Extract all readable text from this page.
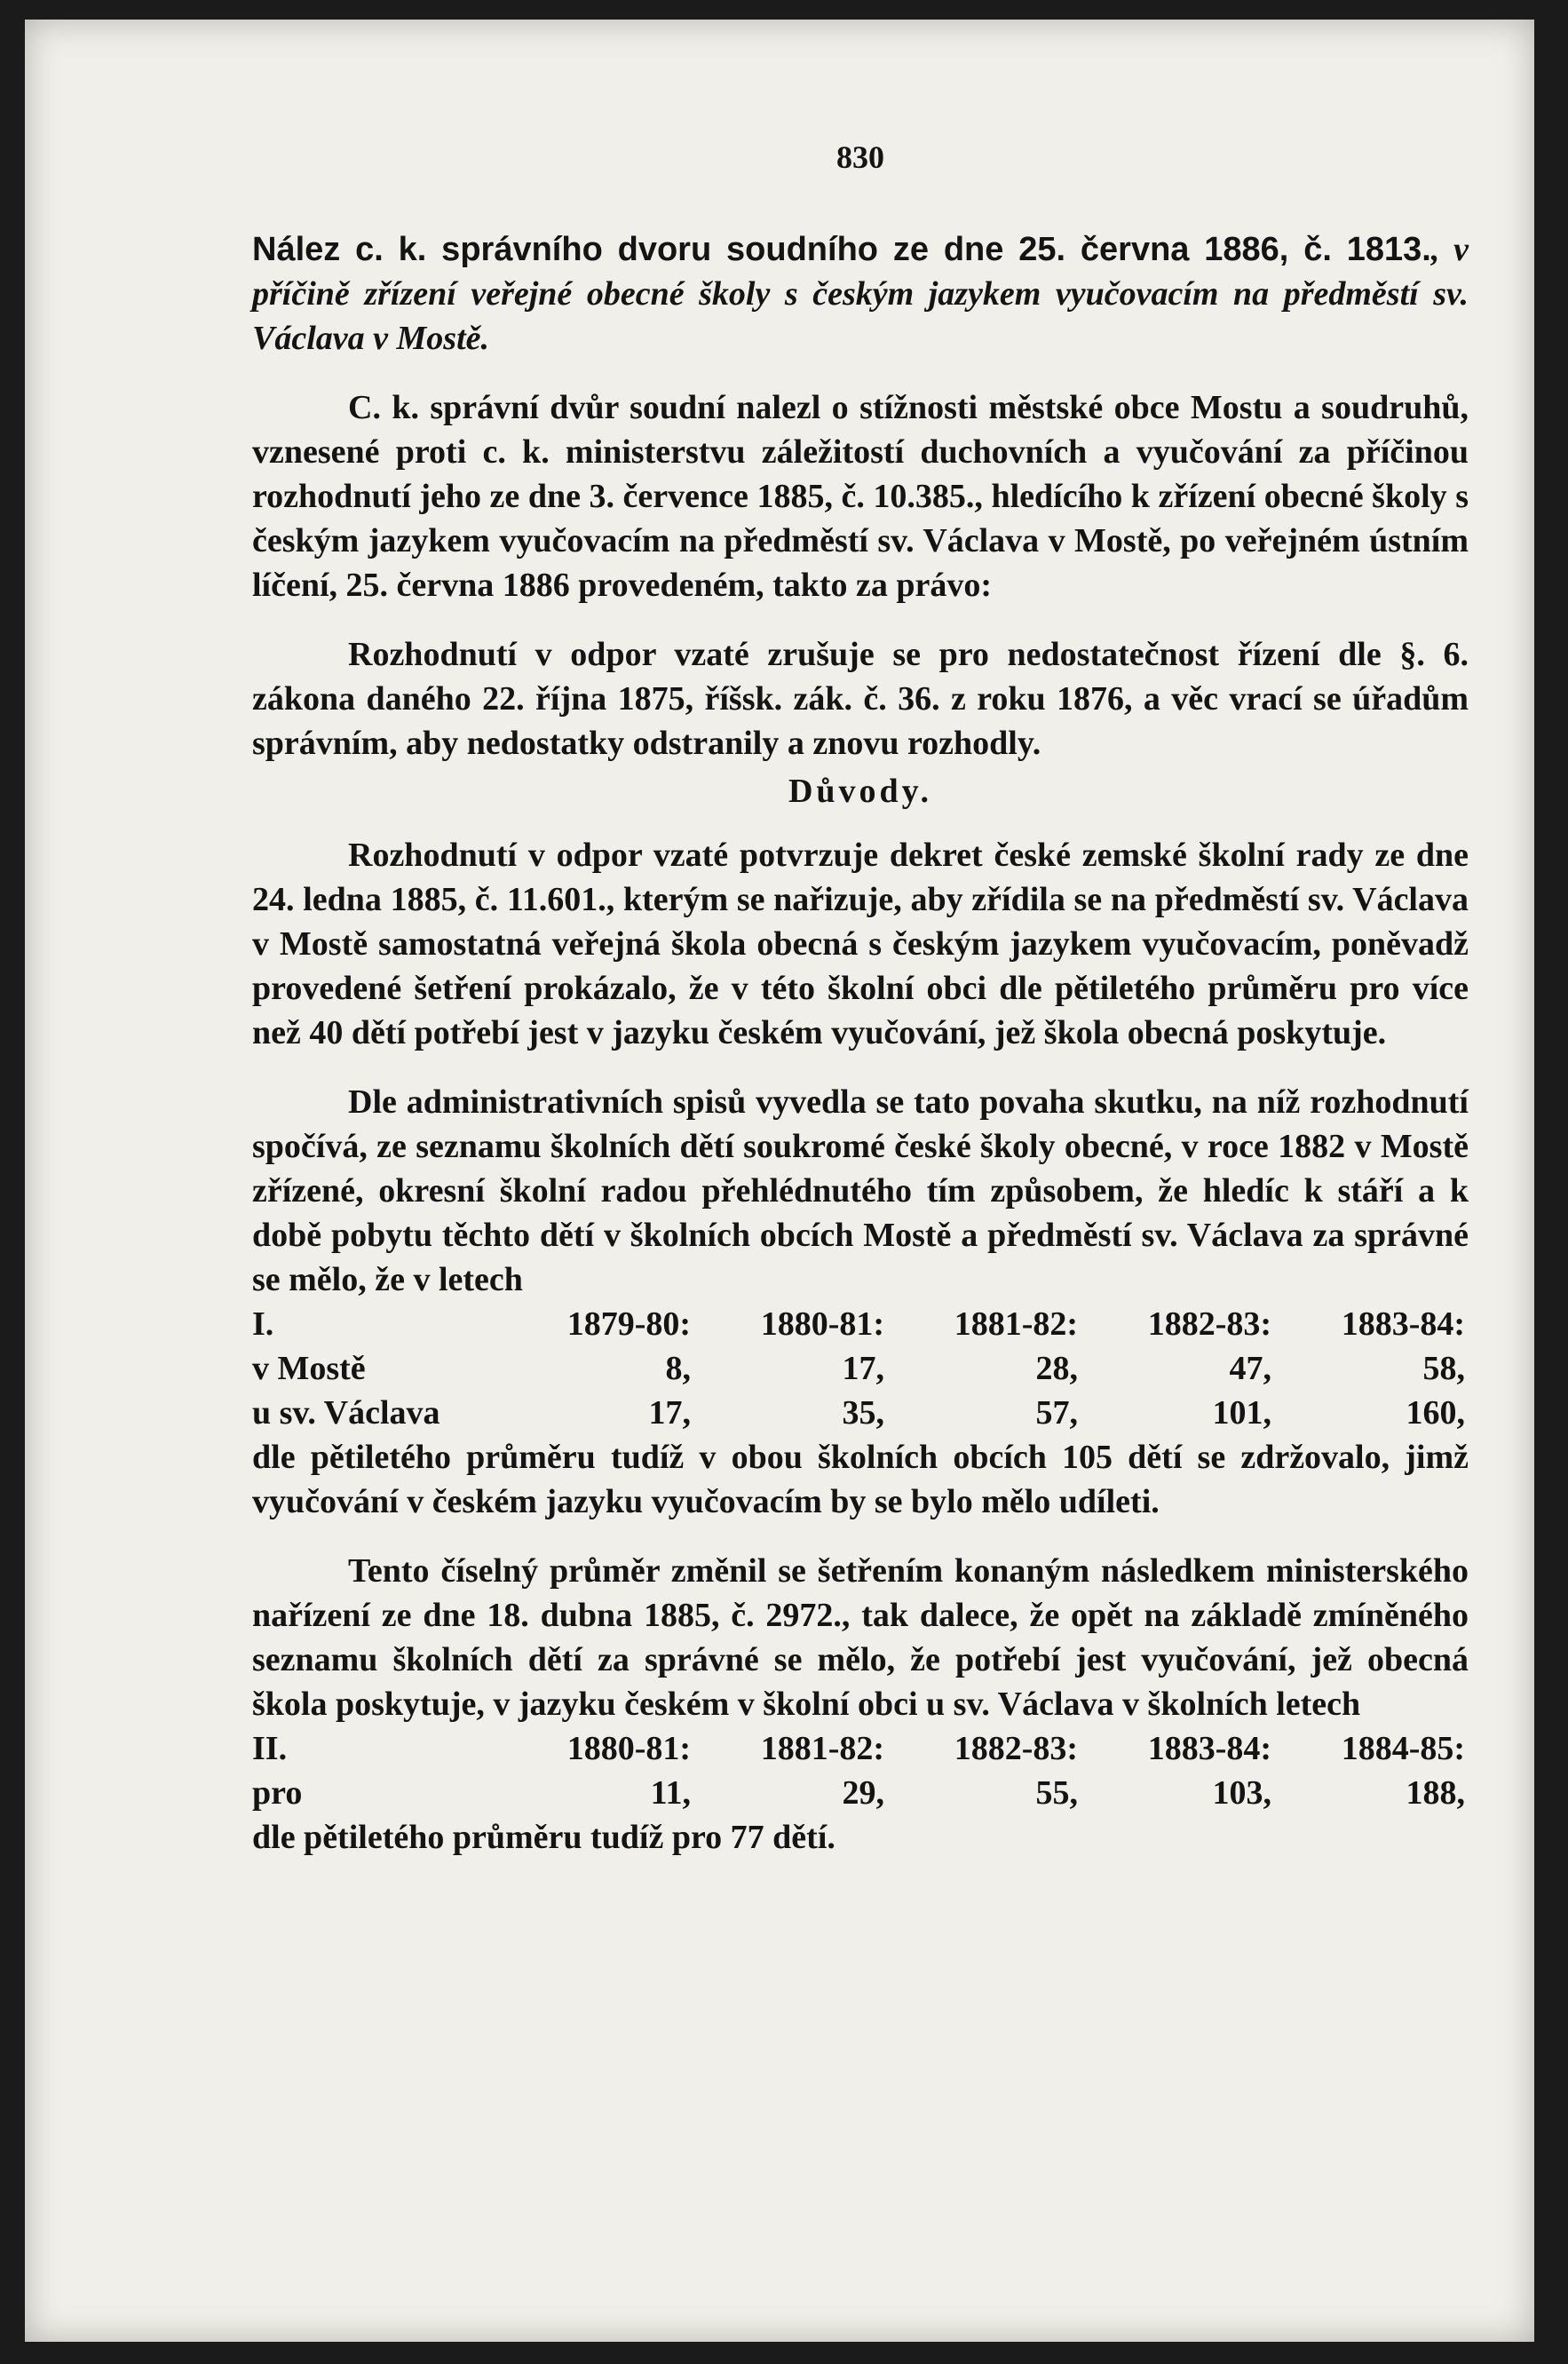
830
Nález c. k. správního dvoru soudního ze dne 25. června 1886, č. 1813., v příčině zřízení veřejné obecné školy s českým jazykem vyučovacím na předměstí sv. Václava v Mostě.

C. k. správní dvůr soudní nalezl o stížnosti městské obce Mostu a soudruhů, vznesené proti c. k. ministerstvu záležitostí duchovních a vyučování za příčinou rozhodnutí jeho ze dne 3. července 1885, č. 10.385., hledícího k zřízení obecné školy s českým jazykem vyučovacím na předměstí sv. Václava v Mostě, po veřejném ústním líčení, 25. června 1886 provedeném, takto za právo:

Rozhodnutí v odpor vzaté zrušuje se pro nedostatečnost řízení dle §. 6. zákona daného 22. října 1875, říšsk. zák. č. 36. z roku 1876, a věc vrací se úřadům správním, aby nedostatky odstranily a znovu rozhodly.

Důvody.

Rozhodnutí v odpor vzaté potvrzuje dekret české zemské školní rady ze dne 24. ledna 1885, č. 11.601., kterým se nařizuje, aby zřídila se na předměstí sv. Václava v Mostě samostatná veřejná škola obecná s českým jazykem vyučovacím, poněvadž provedené šetření prokázalo, že v této školní obci dle pětiletého průměru pro více než 40 dětí potřebí jest v jazyku českém vyučování, jež škola obecná poskytuje.

Dle administrativních spisů vyvedla se tato povaha skutku, na níž rozhodnutí spočívá, ze seznamu školních dětí soukromé české školy obecné, v roce 1882 v Mostě zřízené, okresní školní radou přehlédnutého tím způsobem, že hledíc k stáří a k době pobytu těchto dětí v školních obcích Mostě a předměstí sv. Václava za správné se mělo, že v letech

I.	1879-80:	1880-81:	1881-82:	1882-83:	1883-84:
v Mostě	8,	17,	28,	47,	58,
u sv. Václava	17,	35,	57,	101,	160,

dle pětiletého průměru tudíž v obou školních obcích 105 dětí se zdržovalo, jimž vyučování v českém jazyku vyučovacím by se bylo mělo udíleti.

Tento číselný průměr změnil se šetřením konaným následkem ministerského nařízení ze dne 18. dubna 1885, č. 2972., tak dalece, že opět na základě zmíněného seznamu školních dětí za správné se mělo, že potřebí jest vyučování, jež obecná škola poskytuje, v jazyku českém v školní obci u sv. Václava v školních letech

II.	1880-81:	1881-82:	1882-83:	1883-84:	1884-85:
pro	11,	29,	55,	103,	188,

dle pětiletého průměru tudíž pro 77 dětí.
